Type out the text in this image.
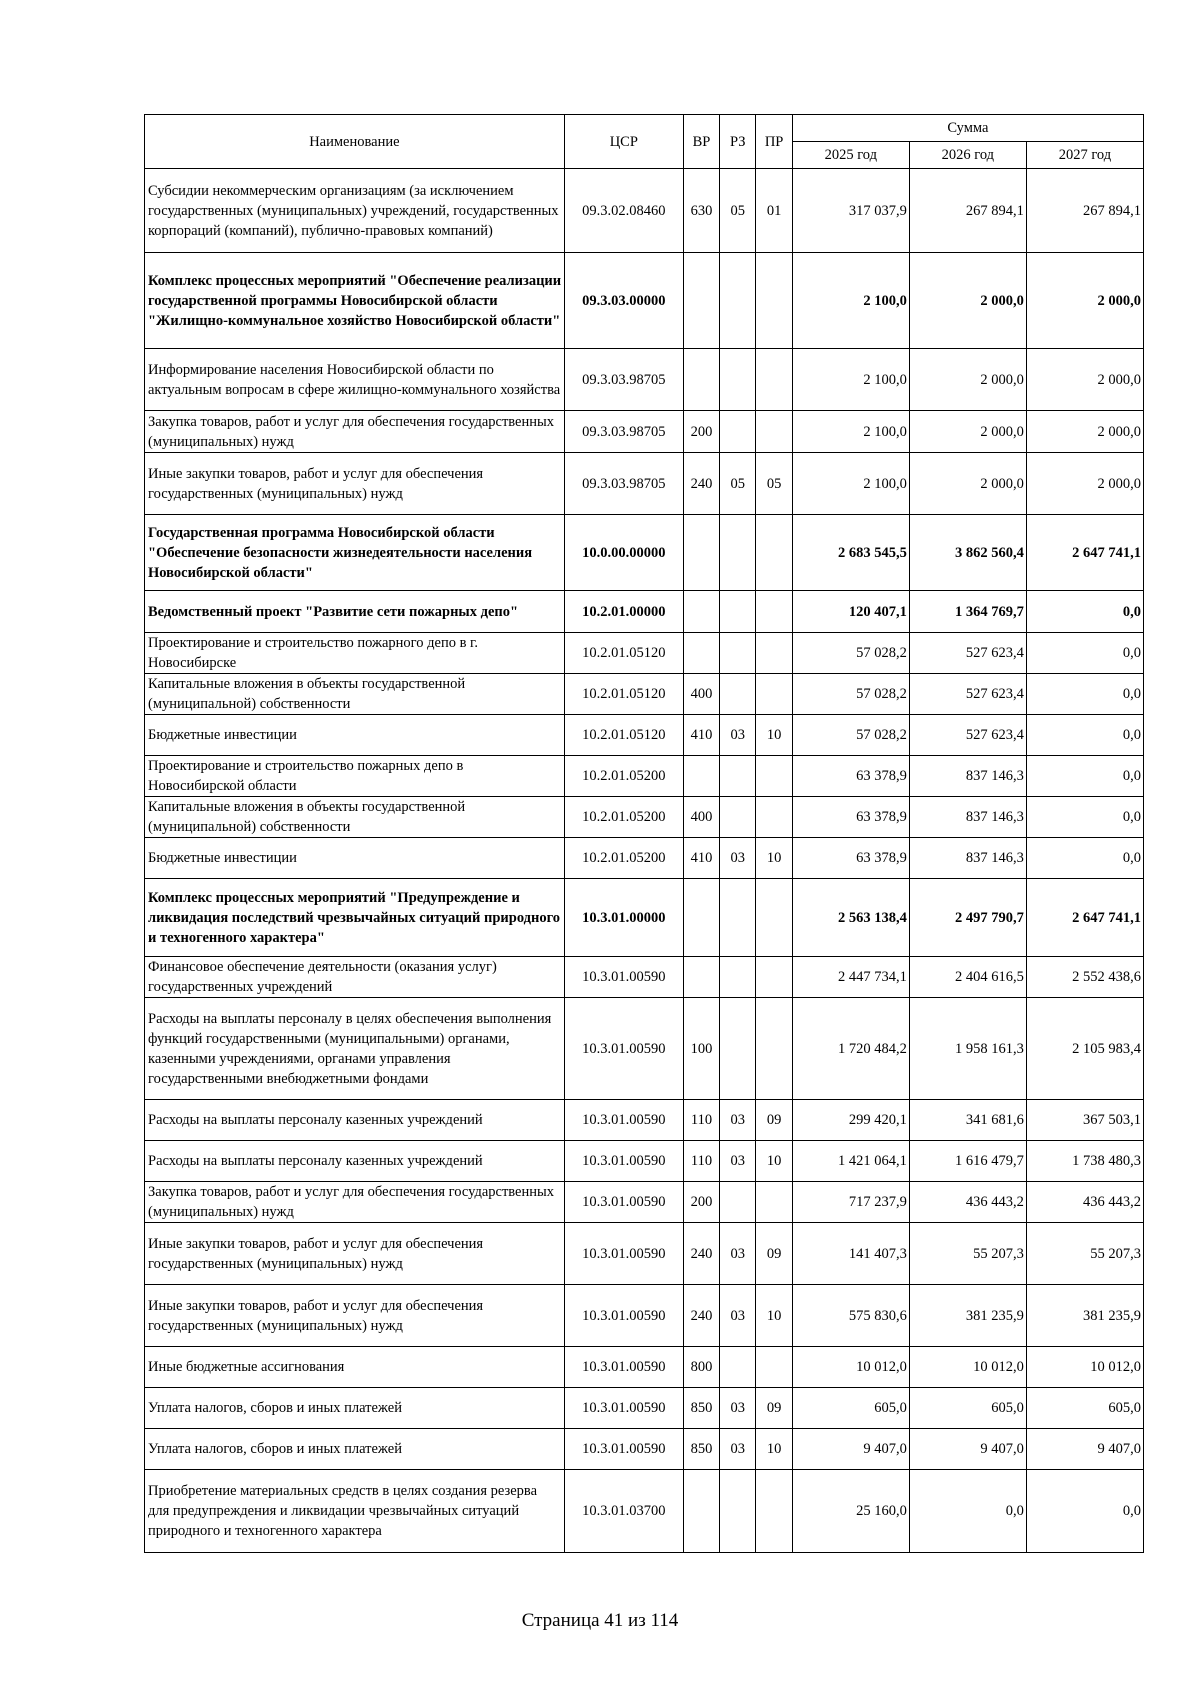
Наименование	ЦСР	ВР	РЗ	ПР	Сумма		
					2025 год	2026 год	2027 год
Субсидии некоммерческим организациям (за исключением государственных (муниципальных) учреждений, государственных корпораций (компаний), публично-правовых компаний)	09.3.02.08460	630	05	01	317 037,9	267 894,1	267 894,1
Комплекс процессных мероприятий "Обеспечение реализации государственной программы Новосибирской области "Жилищно-коммунальное хозяйство Новосибирской области"	09.3.03.00000				2 100,0	2 000,0	2 000,0
Информирование населения Новосибирской области по актуальным вопросам в сфере жилищно-коммунального хозяйства	09.3.03.98705				2 100,0	2 000,0	2 000,0
Закупка товаров, работ и услуг для обеспечения государственных (муниципальных) нужд	09.3.03.98705	200			2 100,0	2 000,0	2 000,0
Иные закупки товаров, работ и услуг для обеспечения государственных (муниципальных) нужд	09.3.03.98705	240	05	05	2 100,0	2 000,0	2 000,0
Государственная программа Новосибирской области "Обеспечение безопасности жизнедеятельности населения Новосибирской области"	10.0.00.00000				2 683 545,5	3 862 560,4	2 647 741,1
Ведомственный проект "Развитие сети пожарных депо"	10.2.01.00000				120 407,1	1 364 769,7	0,0
Проектирование и строительство пожарного депо в г. Новосибирске	10.2.01.05120				57 028,2	527 623,4	0,0
Капитальные вложения в объекты государственной (муниципальной) собственности	10.2.01.05120	400			57 028,2	527 623,4	0,0
Бюджетные инвестиции	10.2.01.05120	410	03	10	57 028,2	527 623,4	0,0
Проектирование и строительство пожарных депо в Новосибирской области	10.2.01.05200				63 378,9	837 146,3	0,0
Капитальные вложения в объекты государственной (муниципальной) собственности	10.2.01.05200	400			63 378,9	837 146,3	0,0
Бюджетные инвестиции	10.2.01.05200	410	03	10	63 378,9	837 146,3	0,0
Комплекс процессных мероприятий "Предупреждение и ликвидация последствий чрезвычайных ситуаций природного и техногенного характера"	10.3.01.00000				2 563 138,4	2 497 790,7	2 647 741,1
Финансовое обеспечение деятельности (оказания услуг) государственных учреждений	10.3.01.00590				2 447 734,1	2 404 616,5	2 552 438,6
Расходы на выплаты персоналу в целях обеспечения выполнения функций государственными (муниципальными) органами, казенными учреждениями, органами управления государственными внебюджетными фондами	10.3.01.00590	100			1 720 484,2	1 958 161,3	2 105 983,4
Расходы на выплаты персоналу казенных учреждений	10.3.01.00590	110	03	09	299 420,1	341 681,6	367 503,1
Расходы на выплаты персоналу казенных учреждений	10.3.01.00590	110	03	10	1 421 064,1	1 616 479,7	1 738 480,3
Закупка товаров, работ и услуг для обеспечения государственных (муниципальных) нужд	10.3.01.00590	200			717 237,9	436 443,2	436 443,2
Иные закупки товаров, работ и услуг для обеспечения государственных (муниципальных) нужд	10.3.01.00590	240	03	09	141 407,3	55 207,3	55 207,3
Иные закупки товаров, работ и услуг для обеспечения государственных (муниципальных) нужд	10.3.01.00590	240	03	10	575 830,6	381 235,9	381 235,9
Иные бюджетные ассигнования	10.3.01.00590	800			10 012,0	10 012,0	10 012,0
Уплата налогов, сборов и иных платежей	10.3.01.00590	850	03	09	605,0	605,0	605,0
Уплата налогов, сборов и иных платежей	10.3.01.00590	850	03	10	9 407,0	9 407,0	9 407,0
Приобретение материальных средств в целях создания резерва для предупреждения и ликвидации чрезвычайных ситуаций природного и техногенного характера	10.3.01.03700				25 160,0	0,0	0,0
Страница 41 из 114
